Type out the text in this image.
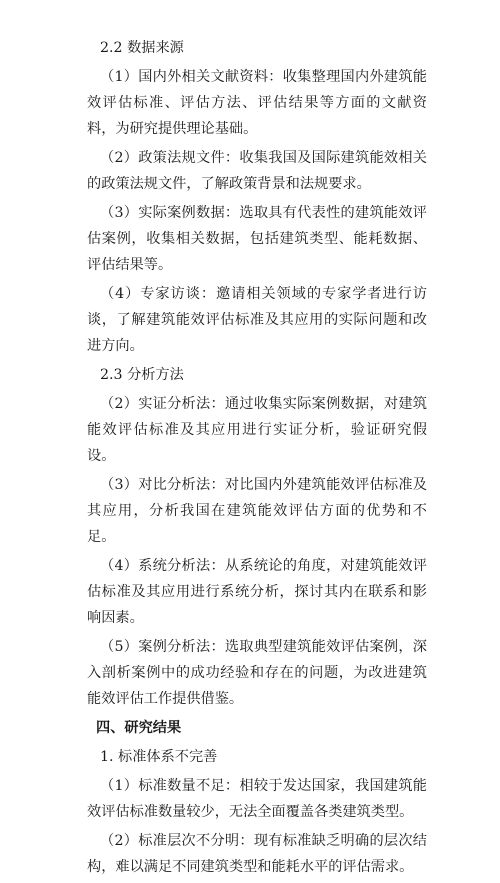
2.2 数据来源

（1）国内外相关文献资料：收集整理国内外建筑能效评估标准、评估方法、评估结果等方面的文献资料，为研究提供理论基础。

（2）政策法规文件：收集我国及国际建筑能效相关的政策法规文件，了解政策背景和法规要求。

（3）实际案例数据：选取具有代表性的建筑能效评估案例，收集相关数据，包括建筑类型、能耗数据、评估结果等。

（4）专家访谈：邀请相关领域的专家学者进行访谈，了解建筑能效评估标准及其应用的实际问题和改进方向。

2.3 分析方法

（2）实证分析法：通过收集实际案例数据，对建筑能效评估标准及其应用进行实证分析，验证研究假设。

（3）对比分析法：对比国内外建筑能效评估标准及其应用，分析我国在建筑能效评估方面的优势和不足。

（4）系统分析法：从系统论的角度，对建筑能效评估标准及其应用进行系统分析，探讨其内在联系和影响因素。

（5）案例分析法：选取典型建筑能效评估案例，深入剖析案例中的成功经验和存在的问题，为改进建筑能效评估工作提供借鉴。

四、研究结果

1. 标准体系不完善

（1）标准数量不足：相较于发达国家，我国建筑能效评估标准数量较少，无法全面覆盖各类建筑类型。

（2）标准层次不分明：现有标准缺乏明确的层次结构，难以满足不同建筑类型和能耗水平的评估需求。
